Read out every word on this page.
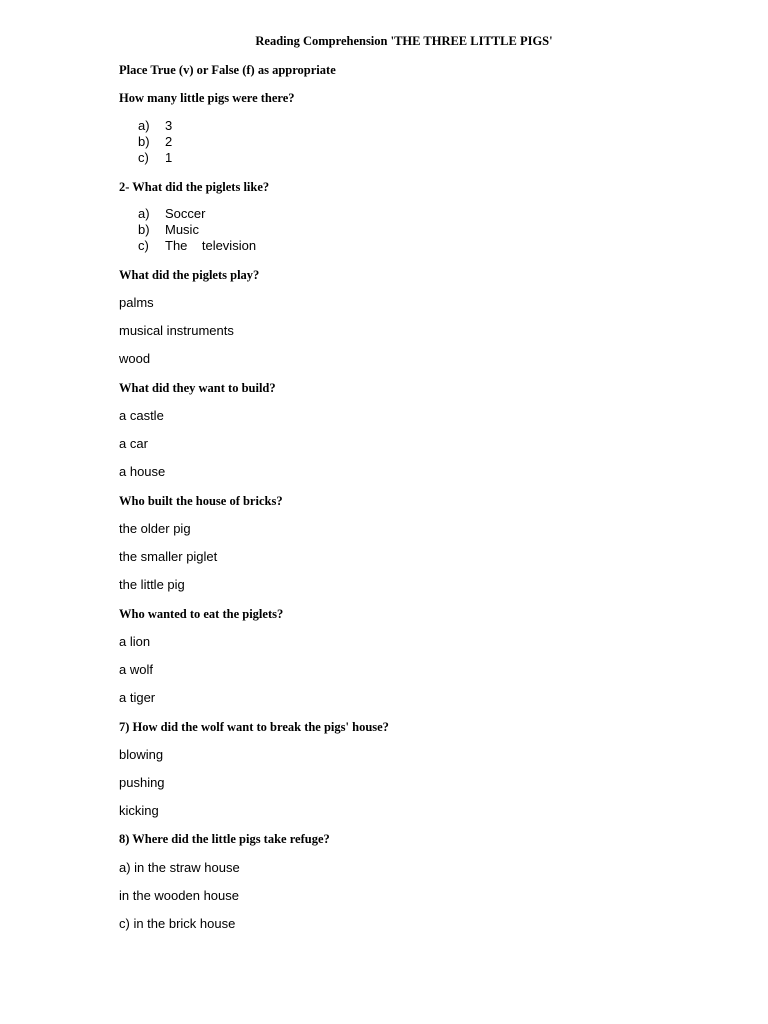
Reading Comprehension 'THE THREE LITTLE PIGS'
Place True (v) or False (f) as appropriate
How many little pigs were there?
a) 3
b) 2
c) 1
2- What did the piglets like?
a) Soccer
b) Music
c) The    television
What did the piglets play?
palms
musical instruments
wood
What did they want to build?
a castle
a car
a house
Who built the house of bricks?
the older pig
the smaller piglet
the little pig
Who wanted to eat the piglets?
a lion
a wolf
a tiger
7) How did the wolf want to break the pigs' house?
blowing
pushing
kicking
8) Where did the little pigs take refuge?
a) in the straw house
in the wooden house
c) in the brick house
